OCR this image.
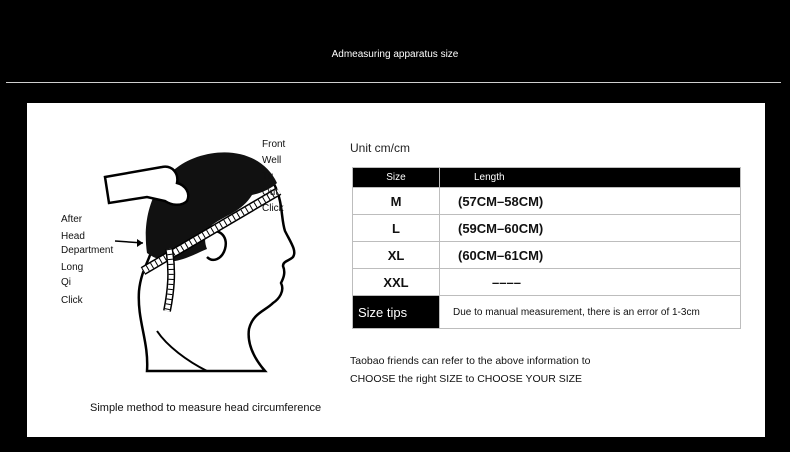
Admeasuring apparatus size
Front
Well
Tu
Out
Click
After
Head
Department
Long
Qi
Click
Simple method to measure head circumference
Unit cm/cm
Size	Length
M	(57CM–58CM)
L	(59CM–60CM)
XL	(60CM–61CM)
XXL	––––
Size tips	Due to manual measurement, there is an error of 1-3cm
Taobao friends can refer to the above information to
CHOOSE the right SIZE to CHOOSE YOUR SIZE
